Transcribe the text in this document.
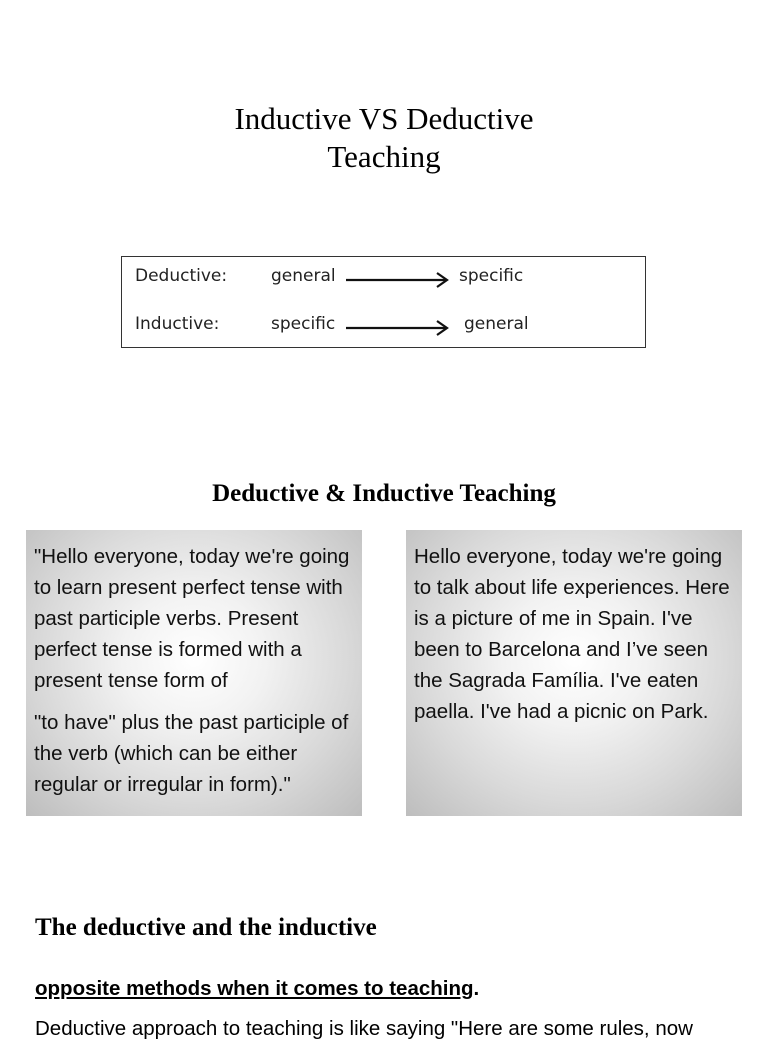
Inductive VS Deductive
Teaching
Deductive:	general	specific
Inductive:	specific	general
Deductive & Inductive Teaching

"Hello everyone, today we're going to learn present perfect tense with past participle verbs. Present perfect tense is formed with a present tense form of

"to have" plus the past participle of the verb (which can be either regular or irregular in form)."

Hello everyone, today we're going to talk about life experiences. Here is a picture of me in Spain. I've been to Barcelona and I’ve seen the Sagrada Família. I've eaten paella. I've had a picnic on Park.

The deductive and the inductive
opposite methods when it comes to teaching.
Deductive approach to teaching is like saying "Here are some rules, now
